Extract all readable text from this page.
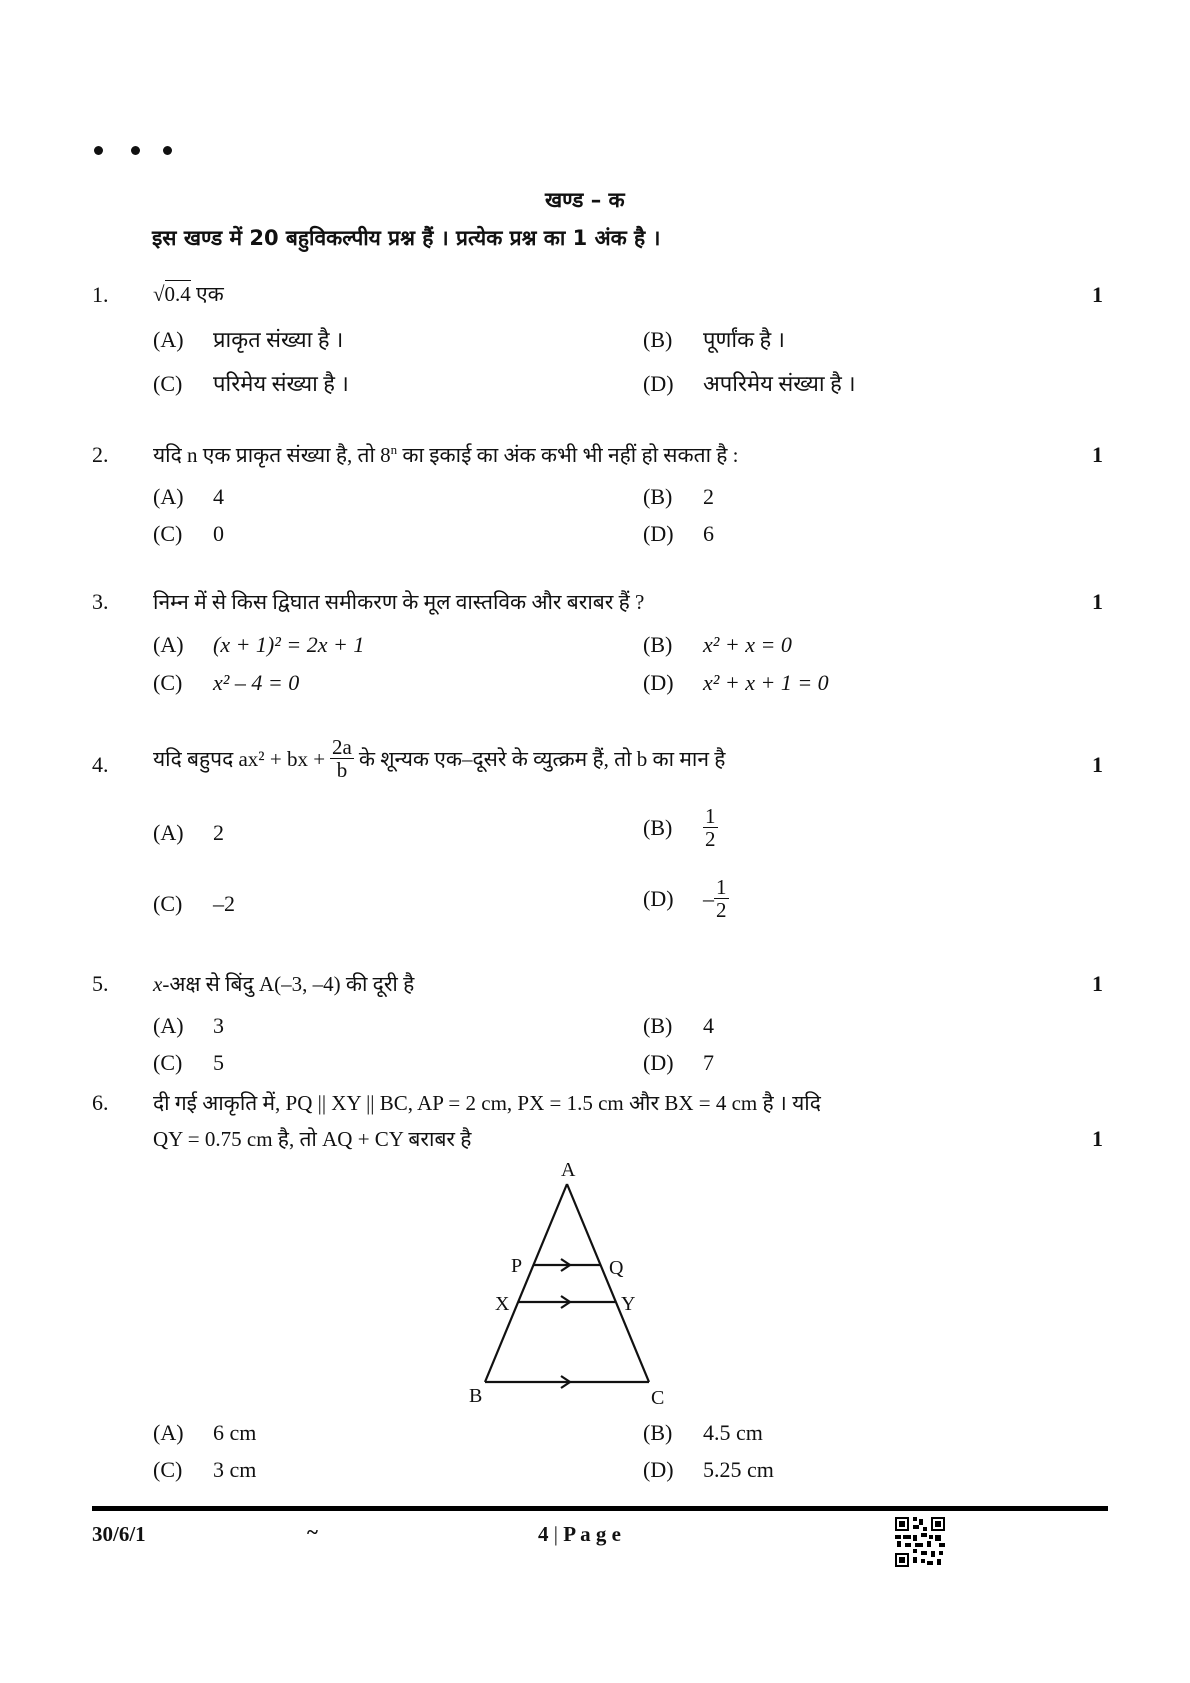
खण्ड – क
इस खण्ड में 20 बहुविकल्पीय प्रश्न हैं । प्रत्येक प्रश्न का 1 अंक है ।
1. √0.4 एक	1
(A) प्राकृत संख्या है ।	(B) पूर्णांक है ।
(C) परिमेय संख्या है ।	(D) अपरिमेय संख्या है ।
2. यदि n एक प्राकृत संख्या है, तो 8$^n$ का इकाई का अंक कभी भी नहीं हो सकता है :	1
(A) 4	(B) 2
(C) 0	(D) 6
3. निम्न में से किस द्विघात समीकरण के मूल वास्तविक और बराबर हैं ?	1
(A) (x + 1)² = 2x + 1	(B) x² + x = 0
(C) x² – 4 = 0	(D) x² + x + 1 = 0
4. यदि बहुपद ax² + bx + $\frac{2a}{b}$ के शून्यक एक–दूसरे के व्युत्क्रम हैं, तो b का मान है	1
(A) 2	(B)	$\frac{1}{2}$
(C) –2	(D)	– $\frac{1}{2}$
5. x-अक्ष से बिंदु A(–3, –4) की दूरी है	1
(A) 3	(B) 4
(C) 5	(D) 7
6. दी गई आकृति में, PQ || XY || BC, AP = 2 cm, PX = 1.5 cm और BX = 4 cm है । यदि
QY = 0.75 cm है, तो AQ + CY बराबर है	1
A
P	Q
X	Y
B	C
(A) 6 cm	(B) 4.5 cm
(C) 3 cm	(D) 5.25 cm
30/6/1	~	4 | P a g e
